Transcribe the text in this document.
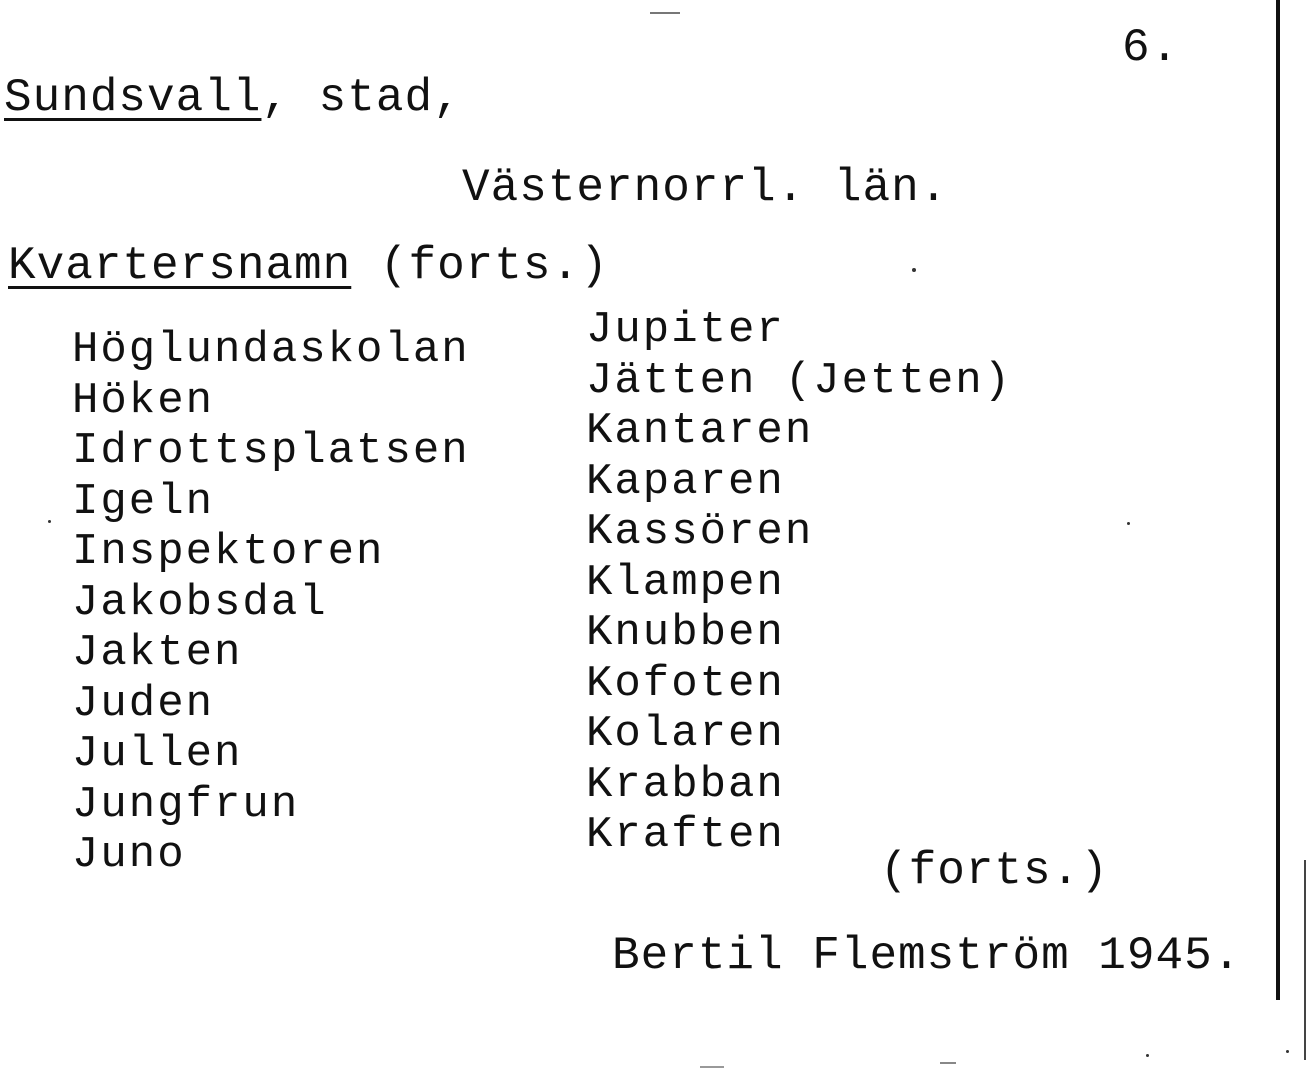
6.
Sundsvall, stad,
Västernorrl. län.
Kvartersnamn (forts.)
Höglundaskolan
Höken
Idrottsplatsen
Igeln
Inspektoren
Jakobsdal
Jakten
Juden
Jullen
Jungfrun
Juno
Jupiter
Jätten (Jetten)
Kantaren
Kaparen
Kassören
Klampen
Knubben
Kofoten
Kolaren
Krabban
Kraften
(forts.)
Bertil Flemström 1945.
